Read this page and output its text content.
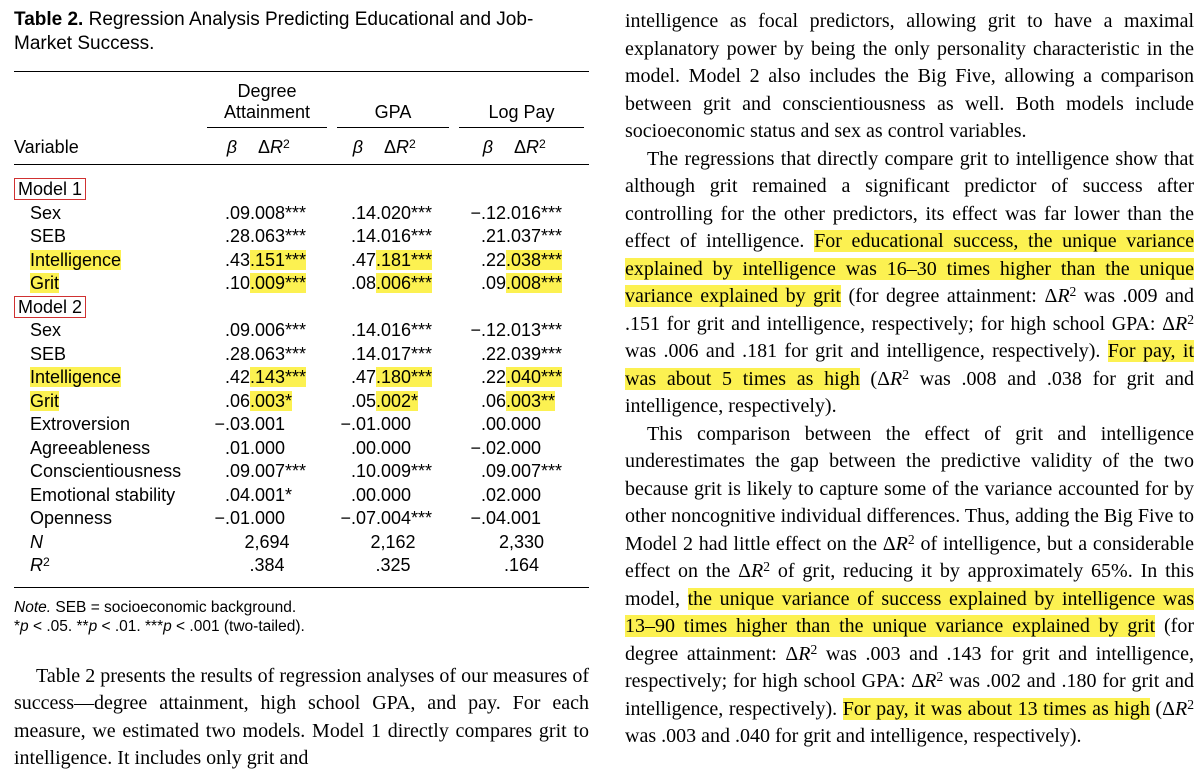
Table 2. Regression Analysis Predicting Educational and Job-Market Success.

	Degree Attainment		GPA		Log Pay	

Variable	β	$\Delta R^2$	β	$\Delta R^2$	β	$\Delta R^2$
Model 1						
Sex	.09	.008***	.14	.020***	−.12	.016***
SEB	.28	.063***	.14	.016***	.21	.037***
Intelligence	.43	.151***	.47	.181***	.22	.038***
Grit	.10	.009***	.08	.006***	.09	.008***
Model 2						
Sex	.09	.006***	.14	.016***	−.12	.013***
SEB	.28	.063***	.14	.017***	.22	.039***
Intelligence	.42	.143***	.47	.180***	.22	.040***
Grit	.06	.003*	.05	.002*	.06	.003**
Extroversion	−.03	.001	−.01	.000	.00	.000
Agreeableness	.01	.000	.00	.000	−.02	.000
Conscientiousness	.09	.007***	.10	.009***	.09	.007***
Emotional stability	.04	.001*	.00	.000	.02	.000
Openness	−.01	.000	−.07	.004***	−.04	.001
N	2,694		2,162		2,330	
$R^2$	.384		.325		.164	

Note. SEB = socioeconomic background.

*p < .05. **p < .01. ***p < .001 (two-tailed).

Table 2 presents the results of regression analyses of our measures of success—degree attainment, high school GPA, and pay. For each measure, we estimated two models. Model 1 directly compares grit to intelligence. It includes only grit and

intelligence as focal predictors, allowing grit to have a maximal explanatory power by being the only personality characteristic in the model. Model 2 also includes the Big Five, allowing a comparison between grit and conscientiousness as well. Both models include socioeconomic status and sex as control variables.

The regressions that directly compare grit to intelligence show that although grit remained a significant predictor of success after controlling for the other predictors, its effect was far lower than the effect of intelligence. For educational success, the unique variance explained by intelligence was 16–30 times higher than the unique variance explained by grit (for degree attainment: $\Delta R^2$ was .009 and .151 for grit and intelligence, respectively; for high school GPA: $\Delta R^2$ was .006 and .181 for grit and intelligence, respectively). For pay, it was about 5 times as high ($\Delta R^2$ was .008 and .038 for grit and intelligence, respectively).

This comparison between the effect of grit and intelligence underestimates the gap between the predictive validity of the two because grit is likely to capture some of the variance accounted for by other noncognitive individual differences. Thus, adding the Big Five to Model 2 had little effect on the $\Delta R^2$ of intelligence, but a considerable effect on the $\Delta R^2$ of grit, reducing it by approximately 65%. In this model, the unique variance of success explained by intelligence was 13–90 times higher than the unique variance explained by grit (for degree attainment: $\Delta R^2$ was .003 and .143 for grit and intelligence, respectively; for high school GPA: $\Delta R^2$ was .002 and .180 for grit and intelligence, respectively). For pay, it was about 13 times as high ($\Delta R^2$ was .003 and .040 for grit and intelligence, respectively).
